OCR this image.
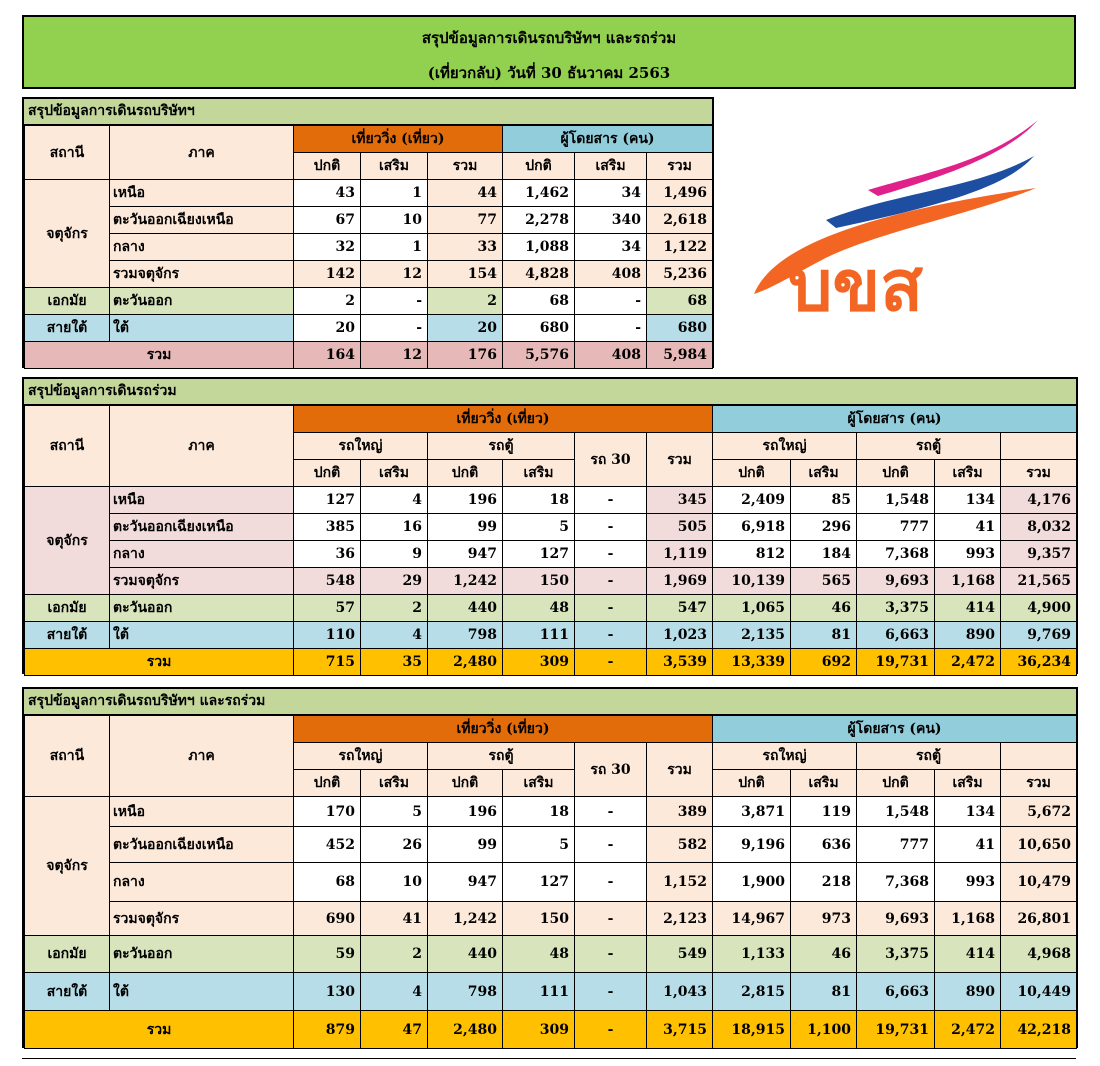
สรุปข้อมูลการเดินรถบริษัทฯ และรถร่วม
(เที่ยวกลับ) วันที่ 30 ธันวาคม 2563
บขส
สรุปข้อมูลการเดินรถบริษัทฯ
สถานี	ภาค	เที่ยววิ่ง (เที่ยว)			ผู้โดยสาร (คน)		
		ปกติ	เสริม	รวม	ปกติ	เสริม	รวม
จตุจักร	เหนือ	43	1	44	1,462	34	1,496
	ตะวันออกเฉียงเหนือ	67	10	77	2,278	340	2,618
	กลาง	32	1	33	1,088	34	1,122
	รวมจตุจักร	142	12	154	4,828	408	5,236
เอกมัย	ตะวันออก	2	-	2	68	-	68
สายใต้	ใต้	20	-	20	680	-	680
รวม		164	12	176	5,576	408	5,984
สรุปข้อมูลการเดินรถร่วม
สถานี	ภาค	เที่ยววิ่ง (เที่ยว)						ผู้โดยสาร (คน)				
		รถใหญ่		รถตู้		รถ 30	รวม	รถใหญ่		รถตู้		
		ปกติ	เสริม	ปกติ	เสริม			ปกติ	เสริม	ปกติ	เสริม	รวม
จตุจักร	เหนือ	127	4	196	18	-	345	2,409	85	1,548	134	4,176
	ตะวันออกเฉียงเหนือ	385	16	99	5	-	505	6,918	296	777	41	8,032
	กลาง	36	9	947	127	-	1,119	812	184	7,368	993	9,357
	รวมจตุจักร	548	29	1,242	150	-	1,969	10,139	565	9,693	1,168	21,565
เอกมัย	ตะวันออก	57	2	440	48	-	547	1,065	46	3,375	414	4,900
สายใต้	ใต้	110	4	798	111	-	1,023	2,135	81	6,663	890	9,769
รวม		715	35	2,480	309	-	3,539	13,339	692	19,731	2,472	36,234
สรุปข้อมูลการเดินรถบริษัทฯ และรถร่วม
สถานี	ภาค	เที่ยววิ่ง (เที่ยว)						ผู้โดยสาร (คน)				
		รถใหญ่		รถตู้		รถ 30	รวม	รถใหญ่		รถตู้		
		ปกติ	เสริม	ปกติ	เสริม			ปกติ	เสริม	ปกติ	เสริม	รวม
จตุจักร	เหนือ	170	5	196	18	-	389	3,871	119	1,548	134	5,672
	ตะวันออกเฉียงเหนือ	452	26	99	5	-	582	9,196	636	777	41	10,650
	กลาง	68	10	947	127	-	1,152	1,900	218	7,368	993	10,479
	รวมจตุจักร	690	41	1,242	150	-	2,123	14,967	973	9,693	1,168	26,801
เอกมัย	ตะวันออก	59	2	440	48	-	549	1,133	46	3,375	414	4,968
สายใต้	ใต้	130	4	798	111	-	1,043	2,815	81	6,663	890	10,449
รวม		879	47	2,480	309	-	3,715	18,915	1,100	19,731	2,472	42,218
